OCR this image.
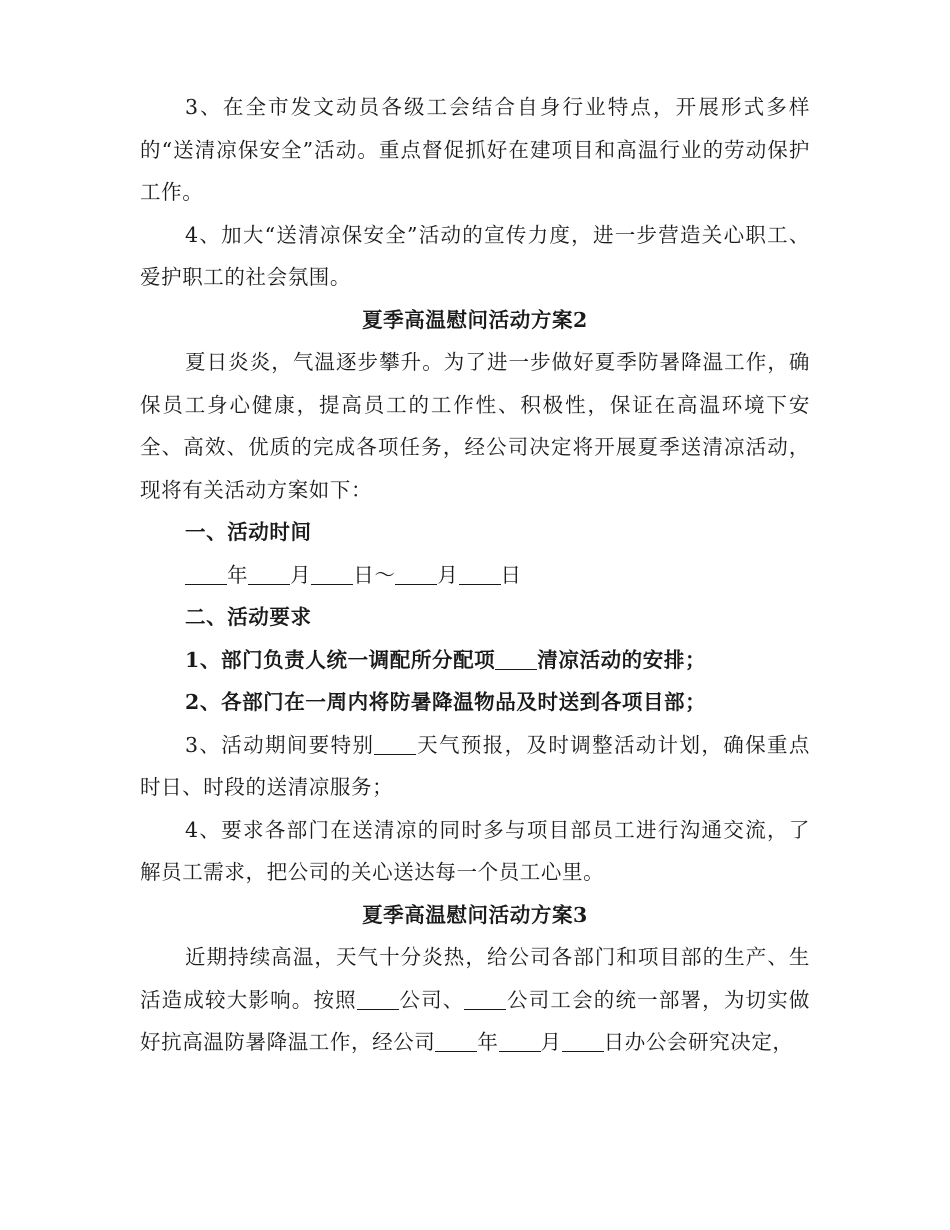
3、在全市发文动员各级工会结合自身行业特点，开展形式多样的“送清凉保安全”活动。重点督促抓好在建项目和高温行业的劳动保护工作。

4、加大“送清凉保安全”活动的宣传力度，进一步营造关心职工、爱护职工的社会氛围。

夏季高温慰问活动方案2

夏日炎炎，气温逐步攀升。为了进一步做好夏季防暑降温工作，确保员工身心健康，提高员工的工作性、积极性，保证在高温环境下安全、高效、优质的完成各项任务，经公司决定将开展夏季送清凉活动，现将有关活动方案如下：

一、活动时间

年 月 日～ 月 日

二、活动要求

1、部门负责人统一调配所分配项 清凉活动的安排；

2、各部门在一周内将防暑降温物品及时送到各项目部；

3、活动期间要特别 天气预报，及时调整活动计划，确保重点时日、时段的送清凉服务；

4、要求各部门在送清凉的同时多与项目部员工进行沟通交流，了解员工需求，把公司的关心送达每一个员工心里。

夏季高温慰问活动方案3

近期持续高温，天气十分炎热，给公司各部门和项目部的生产、生活造成较大影响。按照 公司、 公司工会的统一部署，为切实做好抗高温防暑降温工作，经公司 年 月 日办公会研究决定，
